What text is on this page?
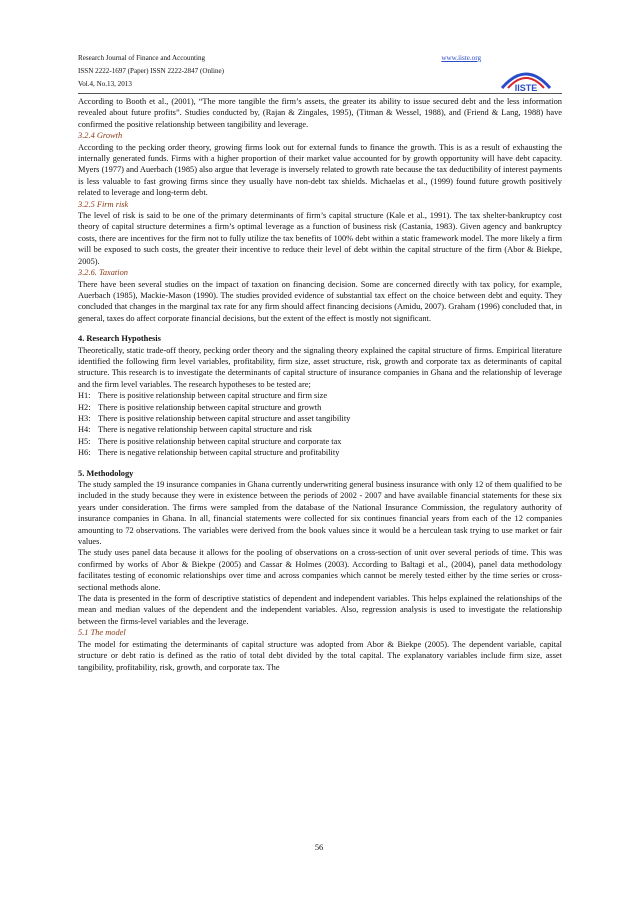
Research Journal of Finance and Accounting
ISSN 2222-1697 (Paper) ISSN 2222-2847 (Online)
Vol.4, No.13, 2013
www.iiste.org
IISTE

According to Booth et al., (2001), “The more tangible the firm’s assets, the greater its ability to issue secured debt and the less information revealed about future profits”. Studies conducted by, (Rajan & Zingales, 1995), (Titman & Wessel, 1988), and (Friend & Lang, 1988) have confirmed the positive relationship between tangibility and leverage.

3.2.4 Growth

According to the pecking order theory, growing firms look out for external funds to finance the growth. This is as a result of exhausting the internally generated funds. Firms with a higher proportion of their market value accounted for by growth opportunity will have debt capacity. Myers (1977) and Auerbach (1985) also argue that leverage is inversely related to growth rate because the tax deductibility of interest payments is less valuable to fast growing firms since they usually have non-debt tax shields. Michaelas et al., (1999) found future growth positively related to leverage and long-term debt.

3.2.5 Firm risk

The level of risk is said to be one of the primary determinants of firm’s capital structure (Kale et al., 1991). The tax shelter-bankruptcy cost theory of capital structure determines a firm’s optimal leverage as a function of business risk (Castania, 1983). Given agency and bankruptcy costs, there are incentives for the firm not to fully utilize the tax benefits of 100% debt within a static framework model. The more likely a firm will be exposed to such costs, the greater their incentive to reduce their level of debt within the capital structure of the firm (Abor & Biekpe, 2005).

3.2.6. Taxation

There have been several studies on the impact of taxation on financing decision. Some are concerned directly with tax policy, for example, Auerbach (1985), Mackie-Mason (1990). The studies provided evidence of substantial tax effect on the choice between debt and equity. They concluded that changes in the marginal tax rate for any firm should affect financing decisions (Amidu, 2007). Graham (1996) concluded that, in general, taxes do affect corporate financial decisions, but the extent of the effect is mostly not significant.

4. Research Hypothesis

Theoretically, static trade-off theory, pecking order theory and the signaling theory explained the capital structure of firms. Empirical literature identified the following firm level variables, profitability, firm size, asset structure, risk, growth and corporate tax as determinants of capital structure. This research is to investigate the determinants of capital structure of insurance companies in Ghana and the relationship of leverage and the firm level variables. The research hypotheses to be tested are;

H1: There is positive relationship between capital structure and firm size

H2: There is positive relationship between capital structure and growth

H3: There is positive relationship between capital structure and asset tangibility

H4: There is negative relationship between capital structure and risk

H5: There is positive relationship between capital structure and corporate tax

H6: There is negative relationship between capital structure and profitability

5. Methodology

The study sampled the 19 insurance companies in Ghana currently underwriting general business insurance with only 12 of them qualified to be included in the study because they were in existence between the periods of 2002 - 2007 and have available financial statements for these six years under consideration. The firms were sampled from the database of the National Insurance Commission, the regulatory authority of insurance companies in Ghana. In all, financial statements were collected for six continues financial years from each of the 12 companies amounting to 72 observations. The variables were derived from the book values since it would be a herculean task trying to use market or fair values.

The study uses panel data because it allows for the pooling of observations on a cross-section of unit over several periods of time. This was confirmed by works of Abor & Biekpe (2005) and Cassar & Holmes (2003). According to Baltagi et al., (2004), panel data methodology facilitates testing of economic relationships over time and across companies which cannot be merely tested either by the time series or cross-sectional methods alone.

The data is presented in the form of descriptive statistics of dependent and independent variables. This helps explained the relationships of the mean and median values of the dependent and the independent variables. Also, regression analysis is used to investigate the relationship between the firms-level variables and the leverage.

5.1 The model

The model for estimating the determinants of capital structure was adopted from Abor & Biekpe (2005). The dependent variable, capital structure or debt ratio is defined as the ratio of total debt divided by the total capital. The explanatory variables include firm size, asset tangibility, profitability, risk, growth, and corporate tax. The

56
